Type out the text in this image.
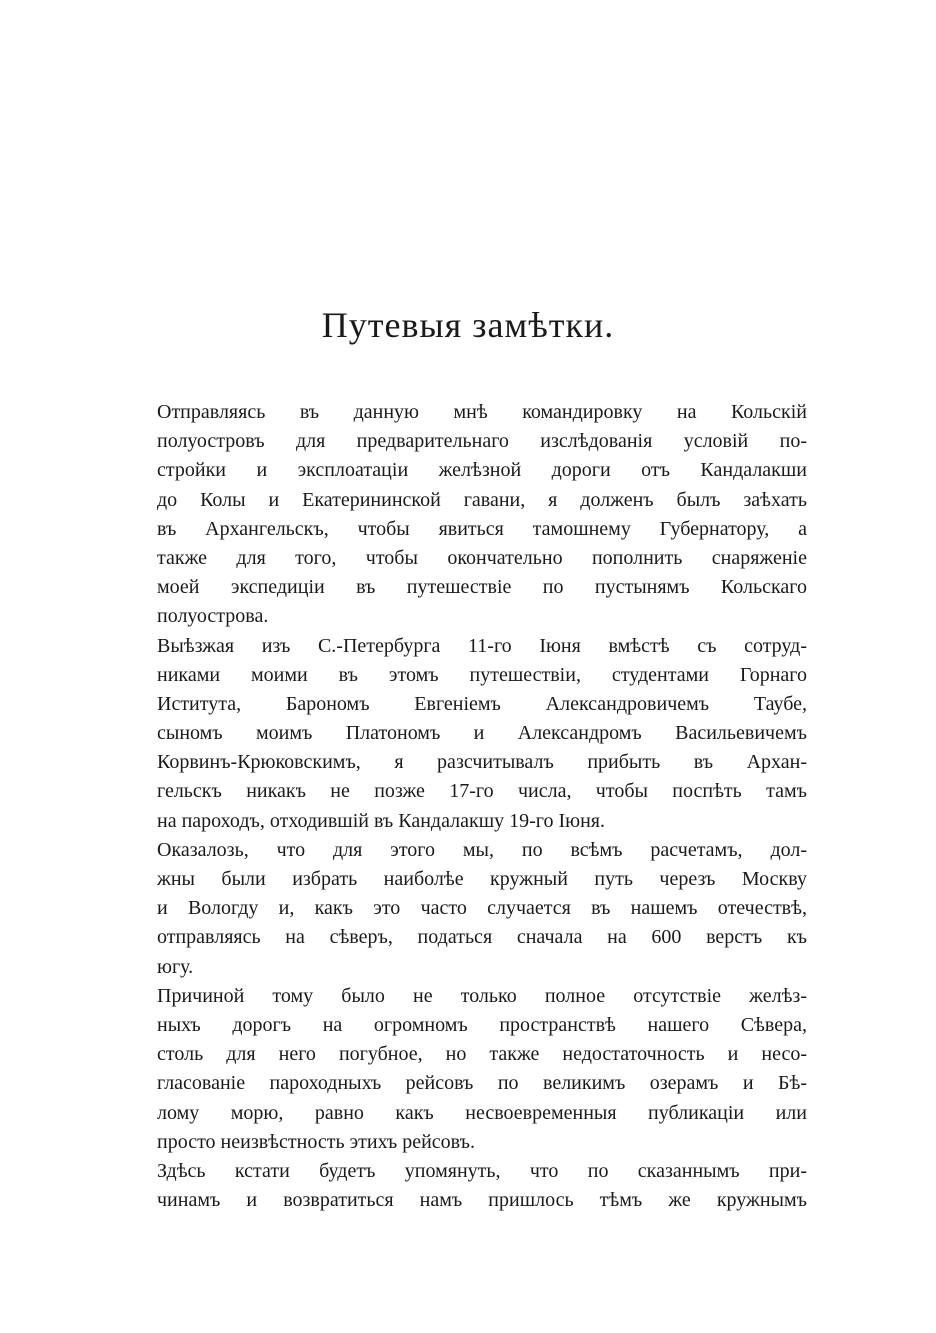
Путевыя замѣтки.
Отправляясь въ данную мнѣ командировку на Кольскій
полуостровъ для предварительнаго изслѣдованія условій по-
стройки и эксплоатаціи желѣзной дороги отъ Кандалакши
до Колы и Екатерининской гавани, я долженъ былъ заѣхать
въ Архангельскъ, чтобы явиться тамошнему Губернатору, а
также для того, чтобы окончательно пополнить снаряженіе
моей экспедиціи въ путешествіе по пустынямъ Кольскаго
полуострова.
Выѣзжая изъ С.-Петербурга 11-го Іюня вмѣстѣ съ сотруд-
никами моими въ этомъ путешествіи, студентами Горнаго
Иститута, Барономъ Евгеніемъ Александровичемъ Таубе,
сыномъ моимъ Платономъ и Александромъ Васильевичемъ
Корвинъ-Крюковскимъ, я разсчитывалъ прибыть въ Архан-
гельскъ никакъ не позже 17-го числа, чтобы поспѣть тамъ
на пароходъ, отходившій въ Кандалакшу 19-го Іюня.
Оказалозь, что для этого мы, по всѣмъ расчетамъ, дол-
жны были избрать наиболѣе кружный путь черезъ Москву
и Вологду и, какъ это часто случается въ нашемъ отечествѣ,
отправляясь на сѣверъ, податься сначала на 600 верстъ къ
югу.
Причиной тому было не только полное отсутствіе желѣз-
ныхъ дорогъ на огромномъ пространствѣ нашего Сѣвера,
столь для него погубное, но также недостаточность и несо-
гласованіе пароходныхъ рейсовъ по великимъ озерамъ и Бѣ-
лому морю, равно какъ несвоевременныя публикаціи или
просто неизвѣстность этихъ рейсовъ.
Здѣсь кстати будетъ упомянуть, что по сказаннымъ при-
чинамъ и возвратиться намъ пришлось тѣмъ же кружнымъ
